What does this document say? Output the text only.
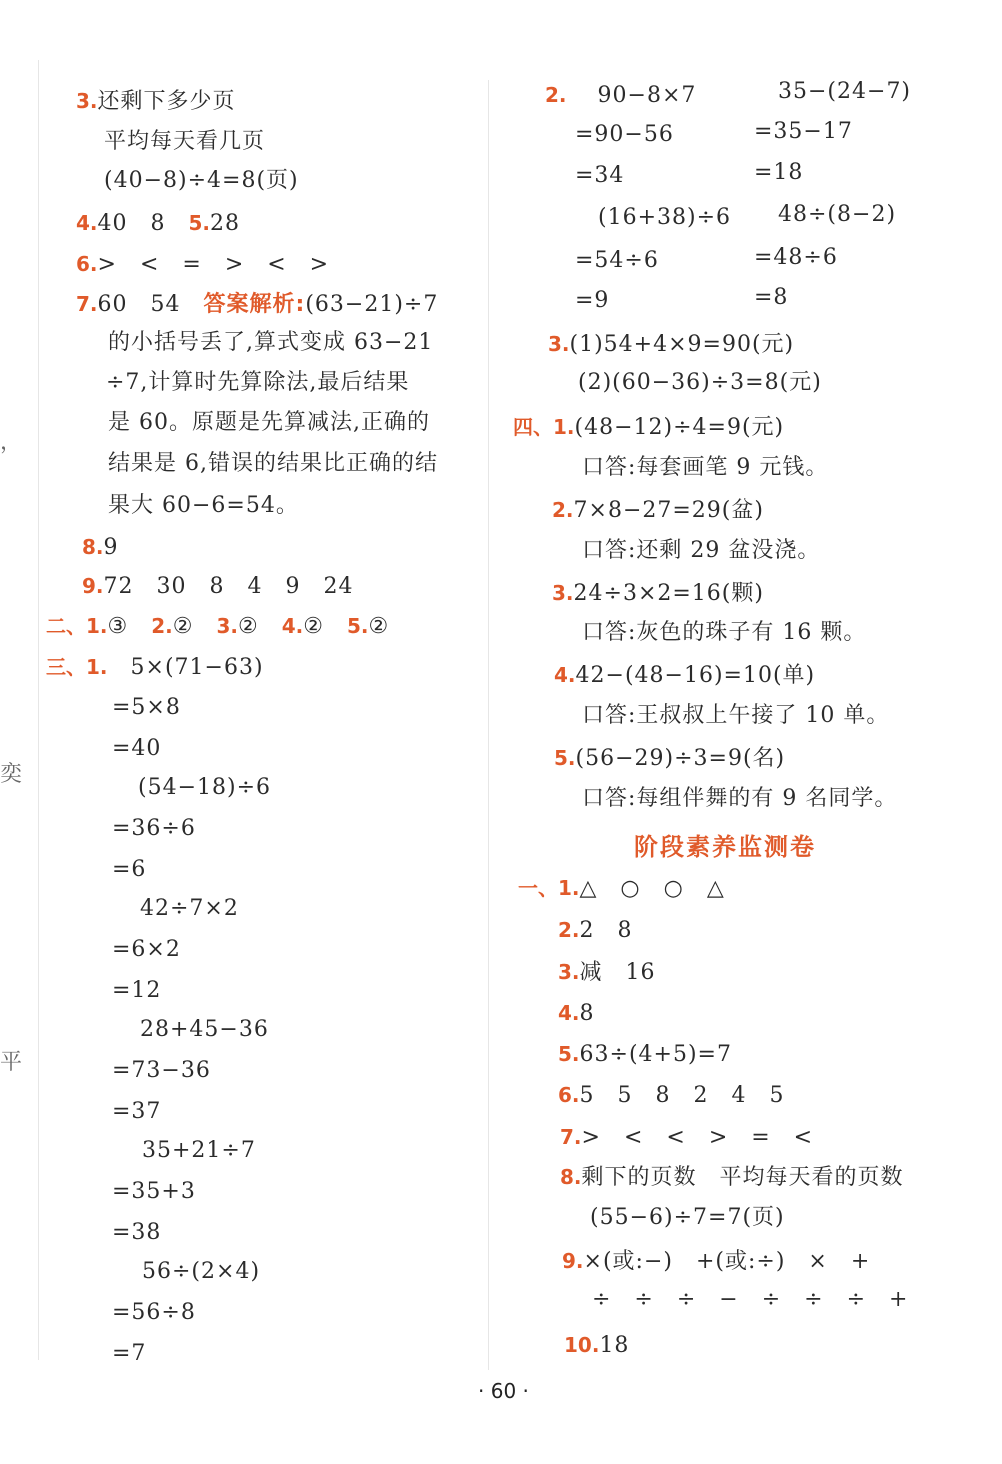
，
奕
平
3.还剩下多少页
平均每天看几页
(40−8)÷4=8(页)
4.40　8　5.28
6.>　<　=　>　<　>
7.60　54　答案解析:(63−21)÷7
的小括号丢了,算式变成 63−21
÷7,计算时先算除法,最后结果
是 60。原题是先算减法,正确的
结果是 6,错误的结果比正确的结
果大 60−6=54。
8.9
9.72　30　8　4　9　24
二、1.③　2.②　3.②　4.②　5.②
三、1.　5×(71−63)
=5×8
=40
(54−18)÷6
=36÷6
=6
42÷7×2
=6×2
=12
28+45−36
=73−36
=37
35+21÷7
=35+3
=38
56÷(2×4)
=56÷8
=7
2.　 90−8×7	35−(24−7)
=90−56	=35−17
=34	=18
(16+38)÷6 48÷(8−2)
=54÷6	=48÷6
=9	=8
3.(1)54+4×9=90(元)
(2)(60−36)÷3=8(元)
四、1.(48−12)÷4=9(元)
口答:每套画笔 9 元钱。
2.7×8−27=29(盆)
口答:还剩 29 盆没浇。
3.24÷3×2=16(颗)
口答:灰色的珠子有 16 颗。
4.42−(48−16)=10(单)
口答:王叔叔上午接了 10 单。
5.(56−29)÷3=9(名)
口答:每组伴舞的有 9 名同学。
阶段素养监测卷
一、1.△　○　○　△
2.2　8
3.减　16
4.8
5.63÷(4+5)=7
6.5　5　8　2　4　5
7.>　<　<　>　=　<
8.剩下的页数　平均每天看的页数
(55−6)÷7=7(页)
9.×(或:−)　+(或:÷)　×　+
÷　÷　÷　−　÷　÷　÷　+
10.18
· 60 ·
